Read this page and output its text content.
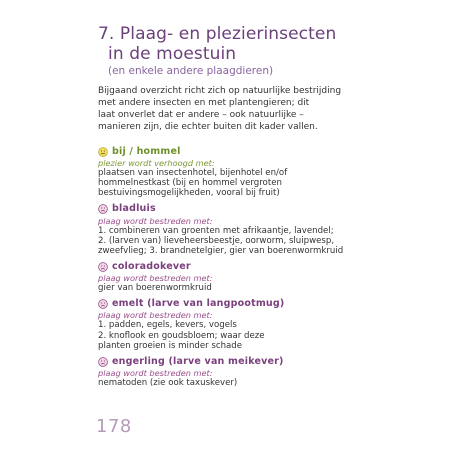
7. Plaag- en plezierinsecten
in de moestuin
(en enkele andere plaagdieren)
Bijgaand overzicht richt zich op natuurlijke bestrijding
met andere insecten en met plantengieren; dit
laat onverlet dat er andere – ook natuurlijke –
manieren zijn, die echter buiten dit kader vallen.
bij / hommel
plezier wordt verhoogd met:
plaatsen van insectenhotel, bijenhotel en/of
hommelnestkast (bij en hommel vergroten
bestuivingsmogelijkheden, vooral bij fruit)
bladluis
plaag wordt bestreden met:
1. combineren van groenten met afrikaantje, lavendel;
2. (larven van) lieveheersbeestje, oorworm, sluipwesp,
zweefvlieg; 3. brandnetelgier, gier van boerenwormkruid
coloradokever
plaag wordt bestreden met:
gier van boerenwormkruid
emelt (larve van langpootmug)
plaag wordt bestreden met:
1. padden, egels, kevers, vogels
2. knoflook en goudsbloem; waar deze
planten groeien is minder schade
engerling (larve van meikever)
plaag wordt bestreden met:
nematoden (zie ook taxuskever)
178
